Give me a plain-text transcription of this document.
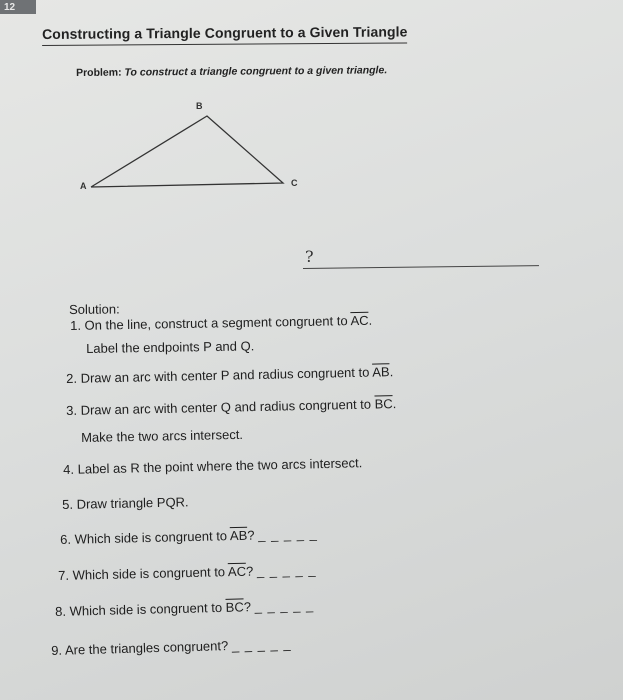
12
Constructing a Triangle Congruent to a Given Triangle
Problem: To construct a triangle congruent to a given triangle.
B
A	C
?
Solution:
1. On the line, construct a segment congruent to $\overline{AC}$.
Label the endpoints P and Q.
2. Draw an arc with center P and radius congruent to $\overline{AB}$.
3. Draw an arc with center Q and radius congruent to $\overline{BC}$.
Make the two arcs intersect.
4. Label as R the point where the two arcs intersect.
5. Draw triangle PQR.
6. Which side is congruent to $\overline{AB}$? _ _ _ _ _
7. Which side is congruent to $\overline{AC}$? _ _ _ _ _
8. Which side is congruent to $\overline{BC}$? _ _ _ _ _
9. Are the triangles congruent? _ _ _ _ _
